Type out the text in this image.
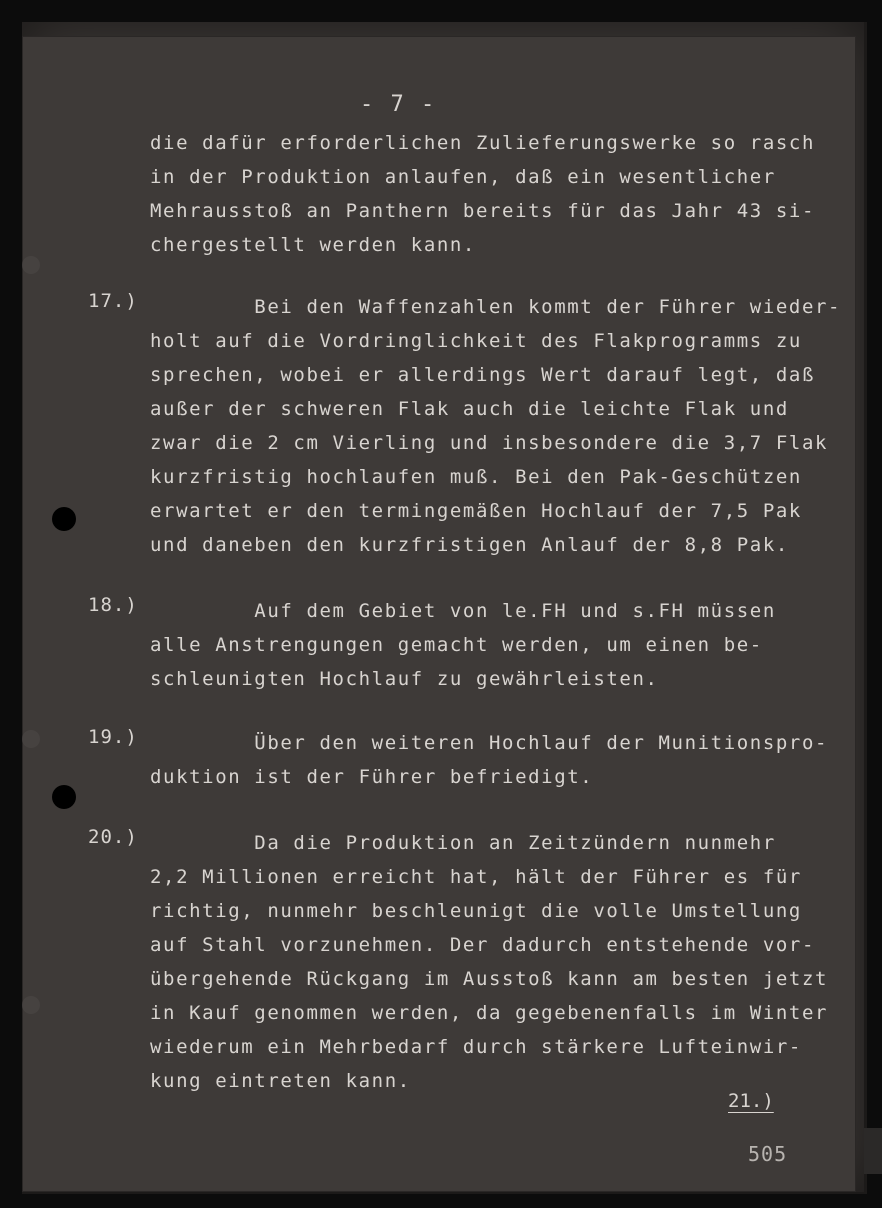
- 7 -
die dafür erforderlichen Zulieferungswerke so rasch
in der Produktion anlaufen, daß ein wesentlicher
Mehrausstoß an Panthern bereits für das Jahr 43 si-
chergestellt werden kann.
17.) Bei den Waffenzahlen kommt der Führer wieder-
holt auf die Vordringlichkeit des Flakprogramms zu
sprechen, wobei er allerdings Wert darauf legt, daß
außer der schweren Flak auch die leichte Flak und
zwar die 2 cm Vierling und insbesondere die 3,7 Flak
kurzfristig hochlaufen muß. Bei den Pak-Geschützen
erwartet er den termingemäßen Hochlauf der 7,5 Pak
und daneben den kurzfristigen Anlauf der 8,8 Pak.
18.) Auf dem Gebiet von le.FH und s.FH müssen
alle Anstrengungen gemacht werden, um einen be-
schleunigten Hochlauf zu gewährleisten.
19.) Über den weiteren Hochlauf der Munitionspro-
duktion ist der Führer befriedigt.
20.) Da die Produktion an Zeitzündern nunmehr
2,2 Millionen erreicht hat, hält der Führer es für
richtig, nunmehr beschleunigt die volle Umstellung
auf Stahl vorzunehmen. Der dadurch entstehende vor-
übergehende Rückgang im Ausstoß kann am besten jetzt
in Kauf genommen werden, da gegebenenfalls im Winter
wiederum ein Mehrbedarf durch stärkere Lufteinwir-
kung eintreten kann.
21.)
505
